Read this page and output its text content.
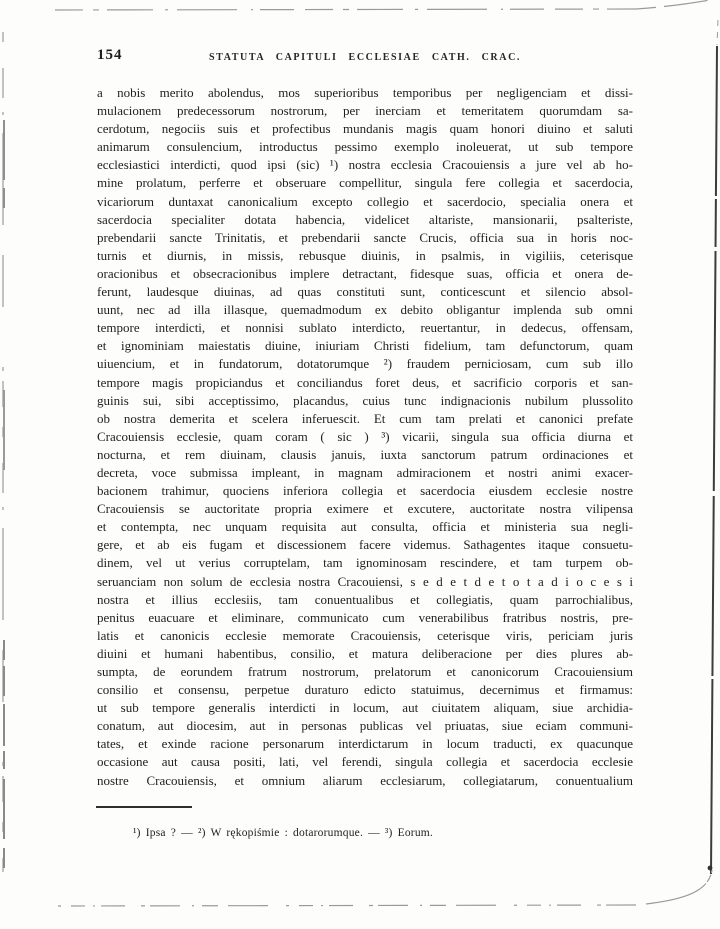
154	STATUTA CAPITULI ECCLESIAE CATH. CRAC.
a nobis merito abolendus, mos superioribus temporibus per negligenciam et dissi-
mulacionem predecessorum nostrorum, per inerciam et temeritatem quorumdam sa-
cerdotum, negociis suis et profectibus mundanis magis quam honori diuino et saluti
animarum consulencium, introductus pessimo exemplo inoleuerat, ut sub tempore
ecclesiastici interdicti, quod ipsi (sic) ¹) nostra ecclesia Cracouiensis a jure vel ab ho-
mine prolatum, perferre et obseruare compellitur, singula fere collegia et sacerdocia,
vicariorum duntaxat canonicalium excepto collegio et sacerdocio, specialia onera et
sacerdocia specialiter dotata habencia, videlicet altariste, mansionarii, psalteriste,
prebendarii sancte Trinitatis, et prebendarii sancte Crucis, officia sua in horis noc-
turnis et diurnis, in missis, rebusque diuinis, in psalmis, in vigiliis, ceterisque
oracionibus et obsecracionibus implere detractant, fidesque suas, officia et onera de-
ferunt, laudesque diuinas, ad quas constituti sunt, conticescunt et silencio absol-
uunt, nec ad illa illasque, quemadmodum ex debito obligantur implenda sub omni
tempore interdicti, et nonnisi sublato interdicto, reuertantur, in dedecus, offensam,
et ignominiam maiestatis diuine, iniuriam Christi fidelium, tam defunctorum, quam
uiuencium, et in fundatorum, dotatorumque ²) fraudem perniciosam, cum sub illo
tempore magis propiciandus et conciliandus foret deus, et sacrificio corporis et san-
guinis sui, sibi acceptissimo, placandus, cuius tunc indignacionis nubilum plussolito
ob nostra demerita et scelera inferuescit. Et cum tam prelati et canonici prefate
Cracouiensis ecclesie, quam coram ( sic ) ³) vicarii, singula sua officia diurna et
nocturna, et rem diuinam, clausis januis, iuxta sanctorum patrum ordinaciones et
decreta, voce submissa impleant, in magnam admiracionem et nostri animi exacer-
bacionem trahimur, quociens inferiora collegia et sacerdocia eiusdem ecclesie nostre
Cracouiensis se auctoritate propria eximere et excutere, auctoritate nostra vilipensa
et contempta, nec unquam requisita aut consulta, officia et ministeria sua negli-
gere, et ab eis fugam et discessionem facere videmus. Sathagentes itaque consuetu-
dinem, vel ut verius corruptelam, tam ignominosam rescindere, et tam turpem ob-
seruanciam non solum de ecclesia nostra Cracouiensi, s e d e t d e t o t a d i o c e s i
nostra et illius ecclesiis, tam conuentualibus et collegiatis, quam parrochialibus,
penitus euacuare et eliminare, communicato cum venerabilibus fratribus nostris, pre-
latis et canonicis ecclesie memorate Cracouiensis, ceterisque viris, periciam juris
diuini et humani habentibus, consilio, et matura deliberacione per dies plures ab-
sumpta, de eorundem fratrum nostrorum, prelatorum et canonicorum Cracouiensium
consilio et consensu, perpetue duraturo edicto statuimus, decernimus et firmamus:
ut sub tempore generalis interdicti in locum, aut ciuitatem aliquam, siue archidia-
conatum, aut diocesim, aut in personas publicas vel priuatas, siue eciam communi-
tates, et exinde racione personarum interdictarum in locum traducti, ex quacunque
occasione aut causa positi, lati, vel ferendi, singula collegia et sacerdocia ecclesie
nostre Cracouiensis, et omnium aliarum ecclesiarum, collegiatarum, conuentualium
¹) Ipsa ? — ²) W rękopiśmie : dotarorumque. — ³) Eorum.
